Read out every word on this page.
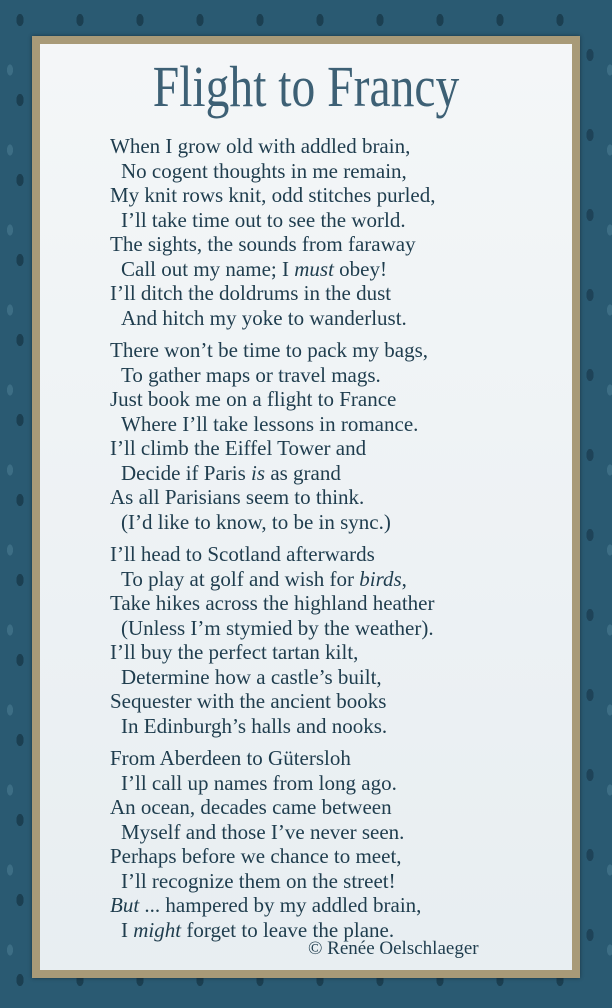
Flight to Francy
When I grow old with addled brain,
No cogent thoughts in me remain,
My knit rows knit, odd stitches purled,
I’ll take time out to see the world.
The sights, the sounds from faraway
Call out my name; I must obey!
I’ll ditch the doldrums in the dust
And hitch my yoke to wanderlust.
There won’t be time to pack my bags,
To gather maps or travel mags.
Just book me on a flight to France
Where I’ll take lessons in romance.
I’ll climb the Eiffel Tower and
Decide if Paris is as grand
As all Parisians seem to think.
(I’d like to know, to be in sync.)
I’ll head to Scotland afterwards
To play at golf and wish for birds,
Take hikes across the highland heather
(Unless I’m stymied by the weather).
I’ll buy the perfect tartan kilt,
Determine how a castle’s built,
Sequester with the ancient books
In Edinburgh’s halls and nooks.
From Aberdeen to Gütersloh
I’ll call up names from long ago.
An ocean, decades came between
Myself and those I’ve never seen.
Perhaps before we chance to meet,
I’ll recognize them on the street!
But ... hampered by my addled brain,
I might forget to leave the plane.
© Renée Oelschlaeger
